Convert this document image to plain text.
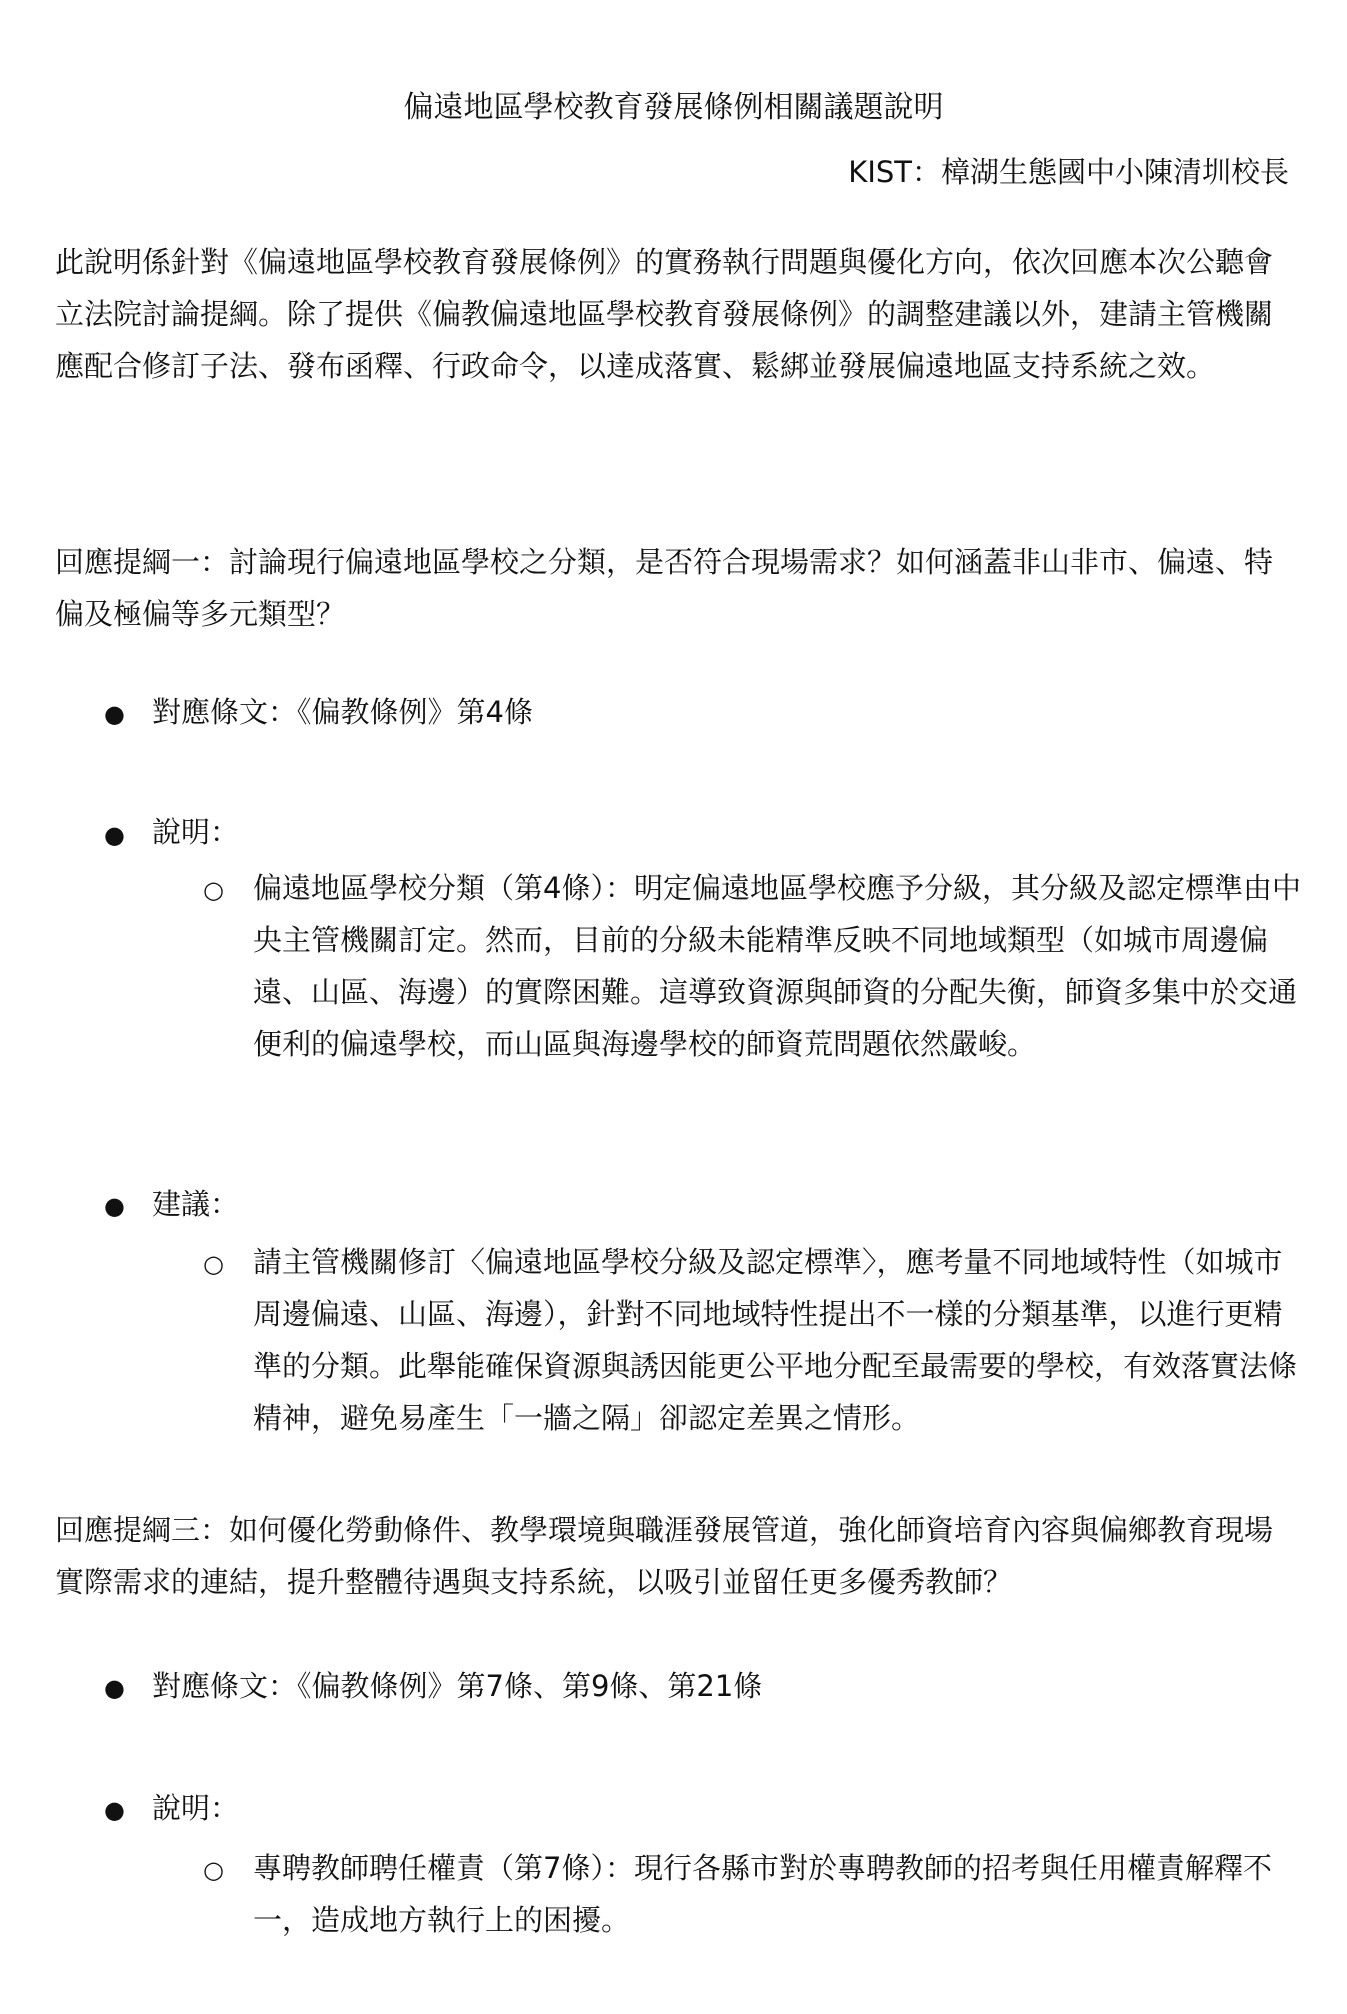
偏遠地區學校教育發展條例相關議題說明
KIST：樟湖生態國中小陳清圳校長

此說明係針對《偏遠地區學校教育發展條例》的實務執行問題與優化方向，依次回應本次公聽會立法院討論提綱。除了提供《偏教偏遠地區學校教育發展條例》的調整建議以外，建請主管機關應配合修訂子法、發布函釋、行政命令，以達成落實、鬆綁並發展偏遠地區支持系統之效。

回應提綱一：討論現行偏遠地區學校之分類，是否符合現場需求？如何涵蓋非山非市、偏遠、特偏及極偏等多元類型？

● 對應條文：《偏教條例》第4條
● 說明：
○ 偏遠地區學校分類（第4條）：明定偏遠地區學校應予分級，其分級及認定標準由中央主管機關訂定。然而，目前的分級未能精準反映不同地域類型（如城市周邊偏遠、山區、海邊）的實際困難。這導致資源與師資的分配失衡，師資多集中於交通便利的偏遠學校，而山區與海邊學校的師資荒問題依然嚴峻。

● 建議：
○ 請主管機關修訂〈偏遠地區學校分級及認定標準〉，應考量不同地域特性（如城市周邊偏遠、山區、海邊），針對不同地域特性提出不一樣的分類基準，以進行更精準的分類。此舉能確保資源與誘因能更公平地分配至最需要的學校，有效落實法條精神，避免易產生「一牆之隔」卻認定差異之情形。

回應提綱三：如何優化勞動條件、教學環境與職涯發展管道，強化師資培育內容與偏鄉教育現場實際需求的連結，提升整體待遇與支持系統，以吸引並留任更多優秀教師？

● 對應條文：《偏教條例》第7條、第9條、第21條
● 說明：
○ 專聘教師聘任權責（第7條）：現行各縣市對於專聘教師的招考與任用權責解釋不一，造成地方執行上的困擾。
